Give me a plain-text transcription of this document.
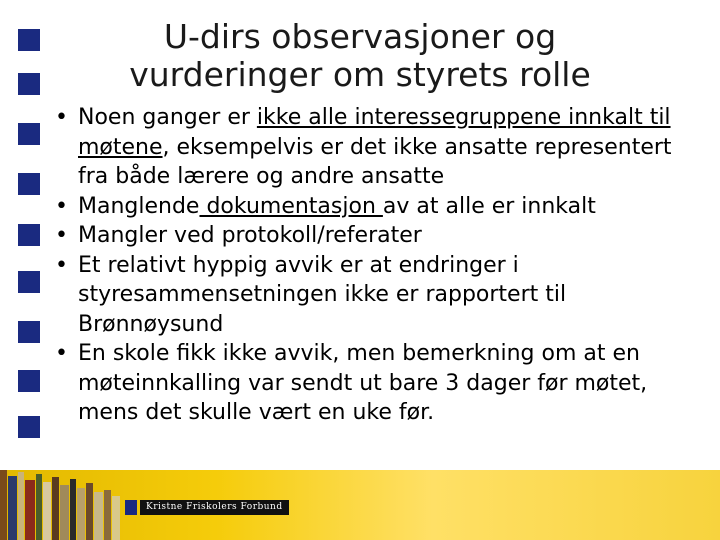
U-dirs observasjoner og
vurderinger om styrets rolle
• Noen ganger er ikke alle interessegruppene innkalt til møtene, eksempelvis er det ikke ansatte representert fra både lærere og andre ansatte
• Manglende dokumentasjon av at alle er innkalt
• Mangler ved protokoll/referater
• Et relativt hyppig avvik er at endringer i styresammensetningen ikke er rapportert til Brønnøysund
• En skole fikk ikke avvik, men bemerkning om at en møteinnkalling var sendt ut bare 3 dager før møtet, mens det skulle vært en uke før.
Kristne Friskolers Forbund
